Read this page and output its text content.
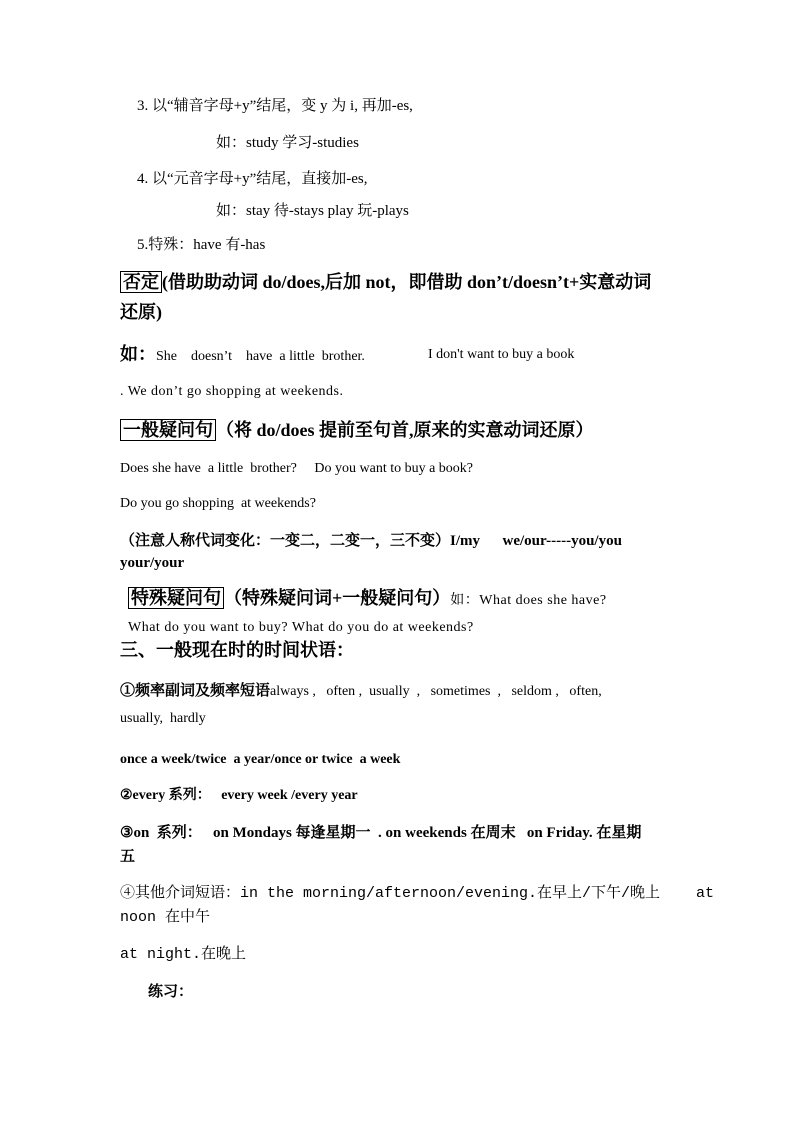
3. 以“辅音字母+y”结尾，变 y 为 i, 再加-es,
如：study 学习-studies
4. 以“元音字母+y”结尾，直接加-es,
如：stay 待-stays play 玩-plays
5.特殊：have 有-has
否定 (借助助动词 do/does,后加 not，即借助 don’t/doesn’t+实意动词
还原)
如：She    doesn’t    have  a little  brother.	I don't want to buy a book
. We don’t go shopping at weekends.
一般疑问句 （将 do/does 提前至句首,原来的实意动词还原）
Does she have  a little  brother?     Do you want to buy a book?
Do you go shopping  at weekends?
（注意人称代词变化：一变二，二变一，三不变）I/my      we/our-----you/you
your/your
特殊疑问句 （特殊疑问词+一般疑问句）如：What does she have?
What do you want to buy? What do you do at weekends?
三、一般现在时的时间状语：
①频率副词及频率短语always ,   often ,  usually  ,   sometimes  ,   seldom ,   often,
usually,  hardly
once a week/twice  a year/once or twice  a week
②every 系列：   every week /every year
③on  系列：   on Mondays 每逢星期一  . on weekends 在周末   on Friday. 在星期
五
④其他介词短语：in the morning/afternoon/evening.在早上/下午/晚上    at
noon 在中午
at night.在晚上
练习：
